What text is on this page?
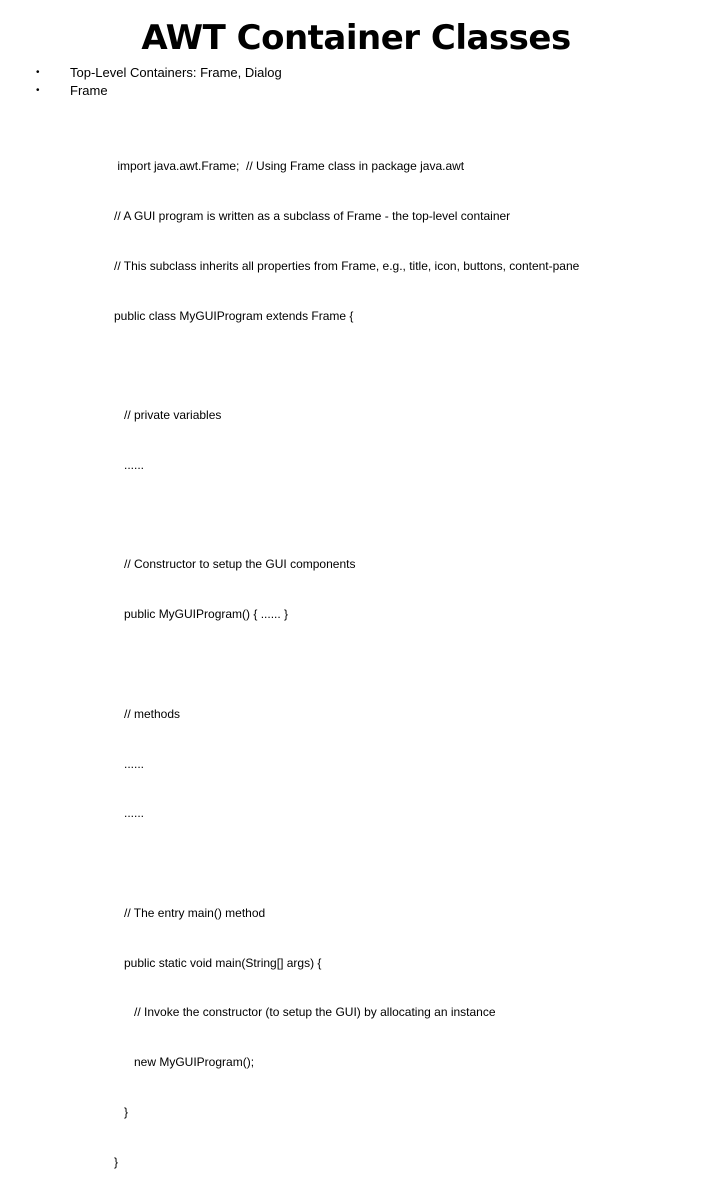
AWT Container Classes
• Top-Level Containers: Frame, Dialog
• Frame

import java.awt.Frame;  // Using Frame class in package java.awt

// A GUI program is written as a subclass of Frame - the top-level container

// This subclass inherits all properties from Frame, e.g., title, icon, buttons, content-pane

public class MyGUIProgram extends Frame {

// private variables

......

// Constructor to setup the GUI components

public MyGUIProgram() { ...... }

// methods

......

......

// The entry main() method

public static void main(String[] args) {

// Invoke the constructor (to setup the GUI) by allocating an instance

new MyGUIProgram();

}

}
